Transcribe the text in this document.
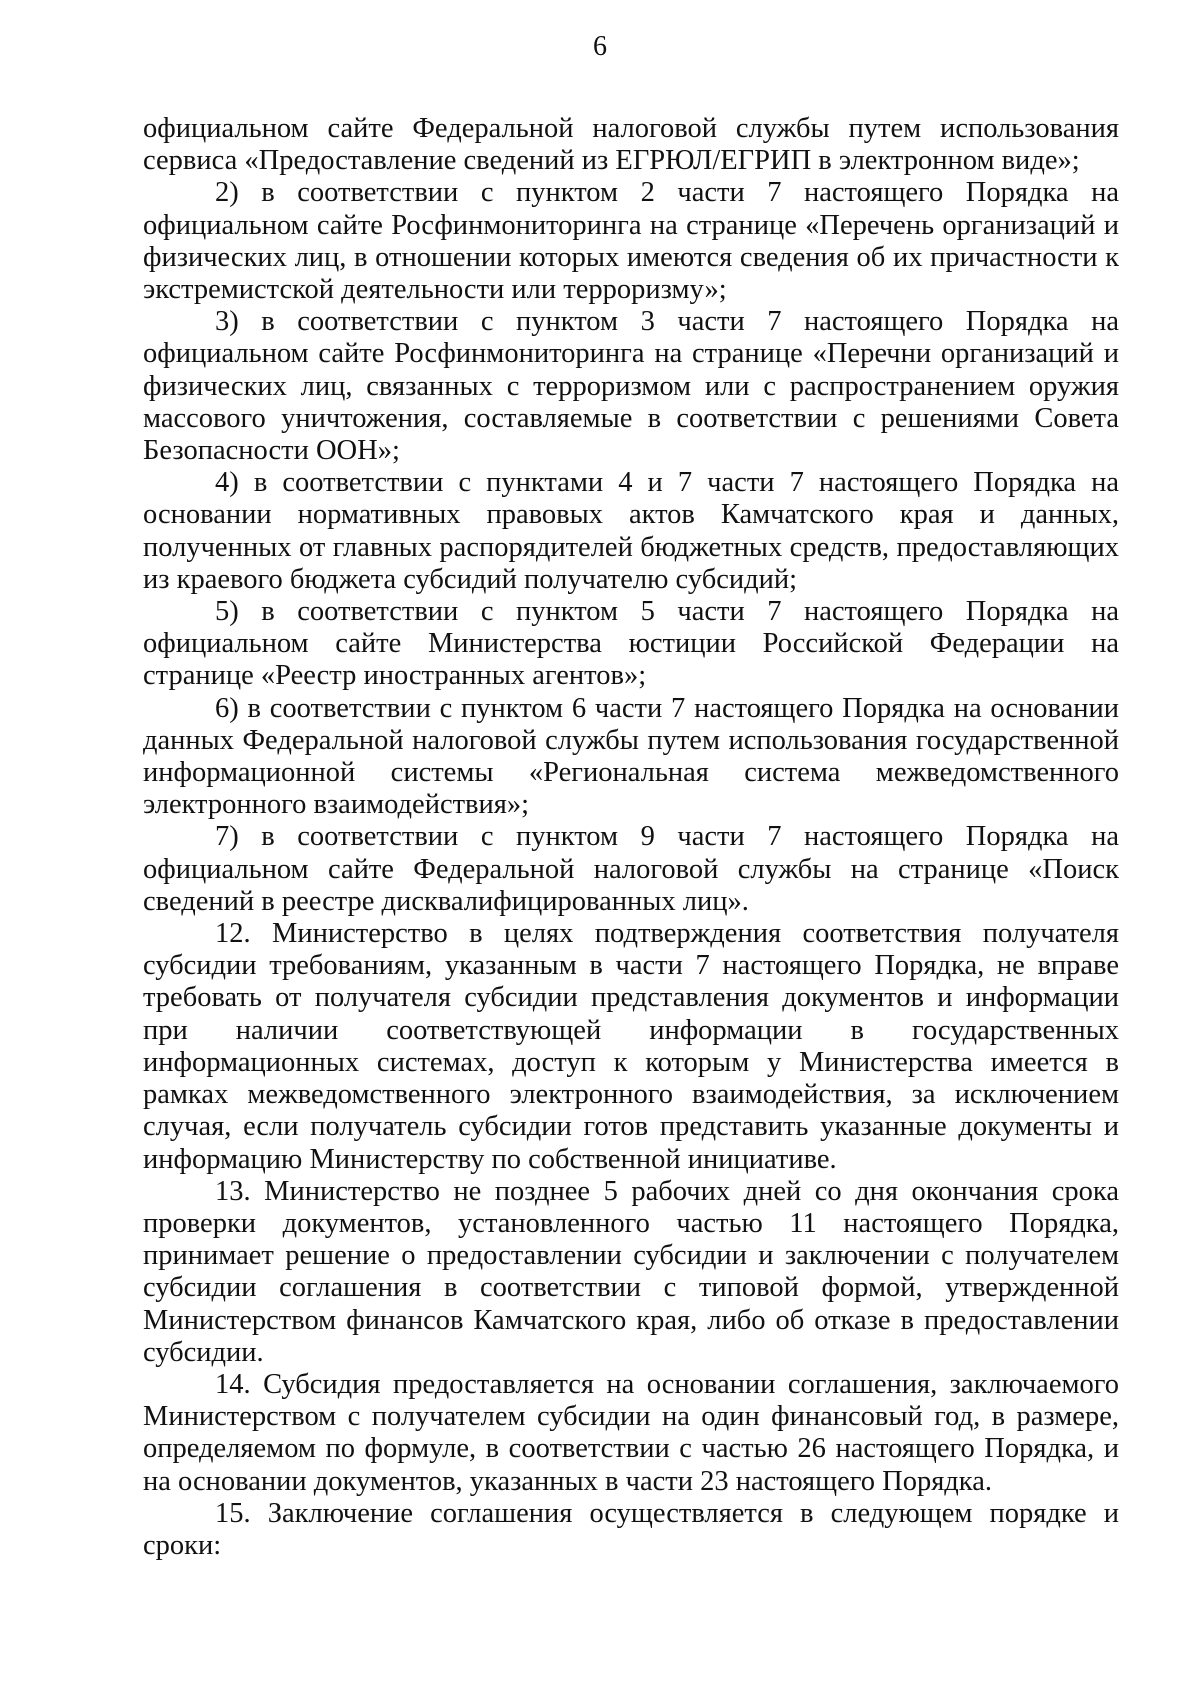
6

официальном сайте Федеральной налоговой службы путем использования сервиса «Предоставление сведений из ЕГРЮЛ/ЕГРИП в электронном виде»;

2) в соответствии с пунктом 2 части 7 настоящего Порядка на официальном сайте Росфинмониторинга на странице «Перечень организаций и физических лиц, в отношении которых имеются сведения об их причастности к экстремистской деятельности или терроризму»;

3) в соответствии с пунктом 3 части 7 настоящего Порядка на официальном сайте Росфинмониторинга на странице «Перечни организаций и физических лиц, связанных с терроризмом или с распространением оружия массового уничтожения, составляемые в соответствии с решениями Совета Безопасности ООН»;

4) в соответствии с пунктами 4 и 7 части 7 настоящего Порядка на основании нормативных правовых актов Камчатского края и данных, полученных от главных распорядителей бюджетных средств, предоставляющих из краевого бюджета субсидий получателю субсидий;

5) в соответствии с пунктом 5 части 7 настоящего Порядка на официальном сайте Министерства юстиции Российской Федерации на странице «Реестр иностранных агентов»;

6) в соответствии с пунктом 6 части 7 настоящего Порядка на основании данных Федеральной налоговой службы путем использования государственной информационной системы «Региональная система межведомственного электронного взаимодействия»;

7) в соответствии с пунктом 9 части 7 настоящего Порядка на официальном сайте Федеральной налоговой службы на странице «Поиск сведений в реестре дисквалифицированных лиц».

12. Министерство в целях подтверждения соответствия получателя субсидии требованиям, указанным в части 7 настоящего Порядка, не вправе требовать от получателя субсидии представления документов и информации при наличии соответствующей информации в государственных информационных системах, доступ к которым у Министерства имеется в рамках межведомственного электронного взаимодействия, за исключением случая, если получатель субсидии готов представить указанные документы и информацию Министерству по собственной инициативе.

13. Министерство не позднее 5 рабочих дней со дня окончания срока проверки документов, установленного частью 11 настоящего Порядка, принимает решение о предоставлении субсидии и заключении с получателем субсидии соглашения в соответствии с типовой формой, утвержденной Министерством финансов Камчатского края, либо об отказе в предоставлении субсидии.

14. Субсидия предоставляется на основании соглашения, заключаемого Министерством с получателем субсидии на один финансовый год, в размере, определяемом по формуле, в соответствии с частью 26 настоящего Порядка, и на основании документов, указанных в части 23 настоящего Порядка.

15. Заключение соглашения осуществляется в следующем порядке и сроки:
